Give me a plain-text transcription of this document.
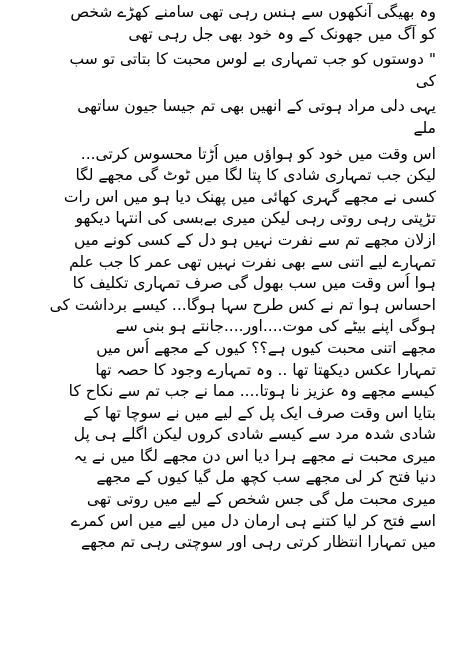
وہ بھیگی آنکھوں سے ہنس رہی تھی سامنے کھڑے شخص
کو آگ میں جھونک کے وہ خود بھی جل رہی تھی
" دوستوں کو جب تمہاری بے لوس محبت کا بتاتی تو سب
کی
یہی دلی مراد ہوتی کے انھیں بھی تم جیسا جیون ساتھی
ملے
اس وقت میں خود کو ہواؤں میں اُڑتا محسوس کرتی...
لیکن جب تمہاری شادی کا پتا لگا میں ٹوٹ گی مجھے لگا
کسی نے مجھے گہری کھائی میں پھنک دیا ہو میں اس رات
تڑپتی رہی روتی رہی لیکن میری بےبسی کی انتہا دیکھو
ازلان مجھے تم سے نفرت نہیں ہو دل کے کسی کونے میں
تمہارے لیے اتنی سے بھی نفرت نہیں تھی عمر کا جب علم
ہوا اُس وقت میں سب بھول گی صرف تمہاری تکلیف کا
احساس ہوا تم نے کس طرح سہا ہوگا... کیسے برداشت کی
ہوگی اپنے بیٹے کی موت....اور....جانتے ہو بنی سے
مجھے اتنی محبت کیوں ہے؟؟ کیوں کے مجھے اُس میں
تمہارا عکس دیکھتا تھا .. وہ تمہارے وجود کا حصہ تھا
کیسے مجھے وہ عزیز نا ہوتا.... مما نے جب تم سے نکاح کا
بتایا اس وقت صرف ایک پل کے لیے میں نے سوچا تھا کے
شادی شدہ مرد سے کیسے شادی کروں لیکن اگلے ہی پل
میری محبت نے مجھے ہرا دیا اس دن مجھے لگا میں نے یہ
دنیا فتح کر لی مجھے سب کچھ مل گیا کیوں کے مجھے
میری محبت مل گی جس شخص کے لیے میں روتی تھی
اسے فتح کر لیا کتنے ہی ارمان دل میں لیے میں اس کمرے
میں تمہارا انتظار کرتی رہی اور سوچتی رہی تم مجھے
